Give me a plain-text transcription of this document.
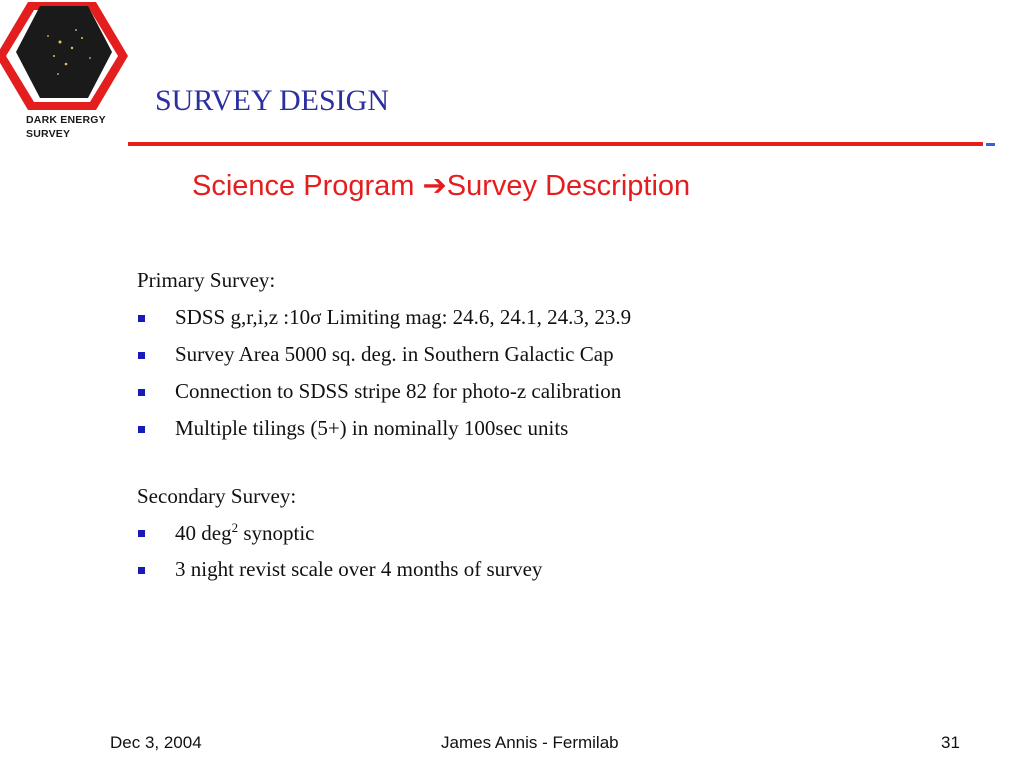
DARK ENERGY
SURVEY
SURVEY DESIGN
Science Program ➔Survey Description
Primary Survey:
SDSS g,r,i,z :10σ Limiting mag: 24.6, 24.1, 24.3, 23.9
Survey Area 5000 sq. deg. in Southern Galactic Cap
Connection to SDSS stripe 82 for photo-z calibration
Multiple tilings (5+) in nominally 100sec units
Secondary Survey:
40 deg$^2$ synoptic
3 night revist scale over 4 months of survey
Dec 3, 2004	James Annis - Fermilab	31
